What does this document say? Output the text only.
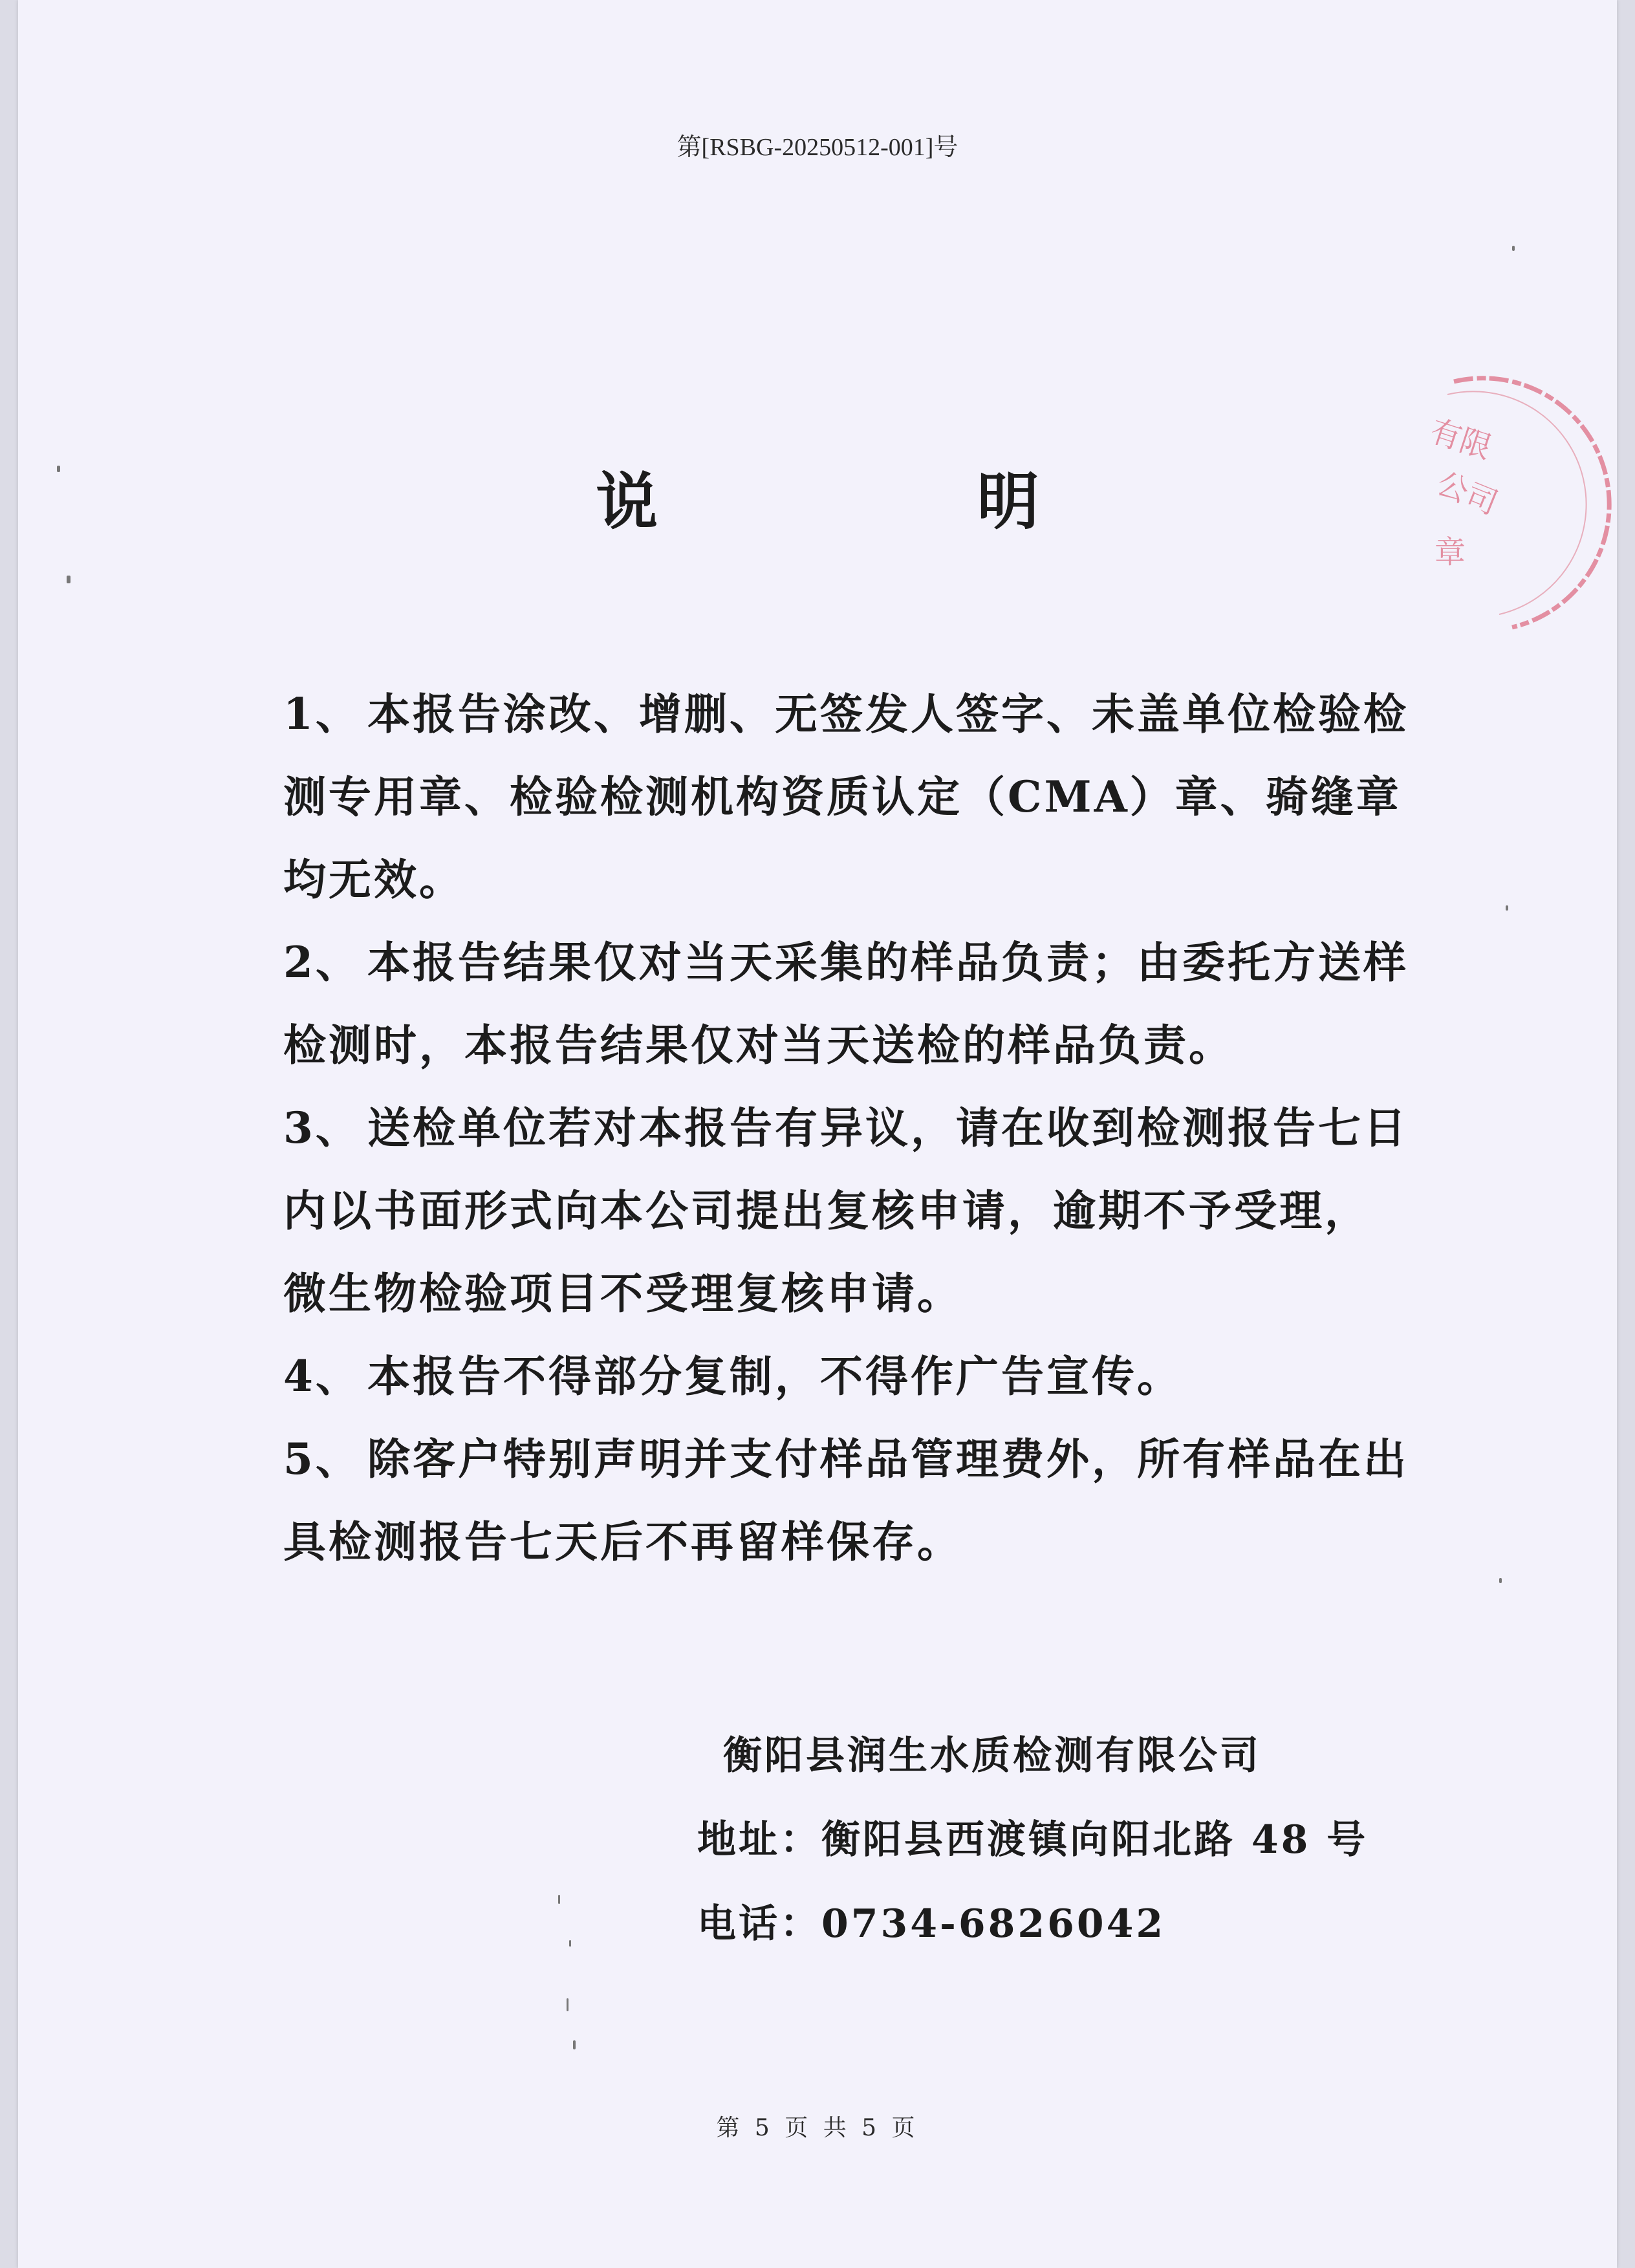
第[RSBG-20250512-001]号
说 明

1、 本报告涂改、增删、无签发人签字、未盖单位检验检测专用章、检验检测机构资质认定（CMA）章、骑缝章均无效。

2、 本报告结果仅对当天采集的样品负责；由委托方送样检测时，本报告结果仅对当天送检的样品负责。

3、 送检单位若对本报告有异议，请在收到检测报告七日内以书面形式向本公司提出复核申请，逾期不予受理，微生物检验项目不受理复核申请。

4、 本报告不得部分复制，不得作广告宣传。

5、 除客户特别声明并支付样品管理费外，所有样品在出具检测报告七天后不再留样保存。

衡阳县润生水质检测有限公司
地址：衡阳县西渡镇向阳北路 48 号
电话：0734-6826042
第 5 页 共 5 页
有限
公司
章
